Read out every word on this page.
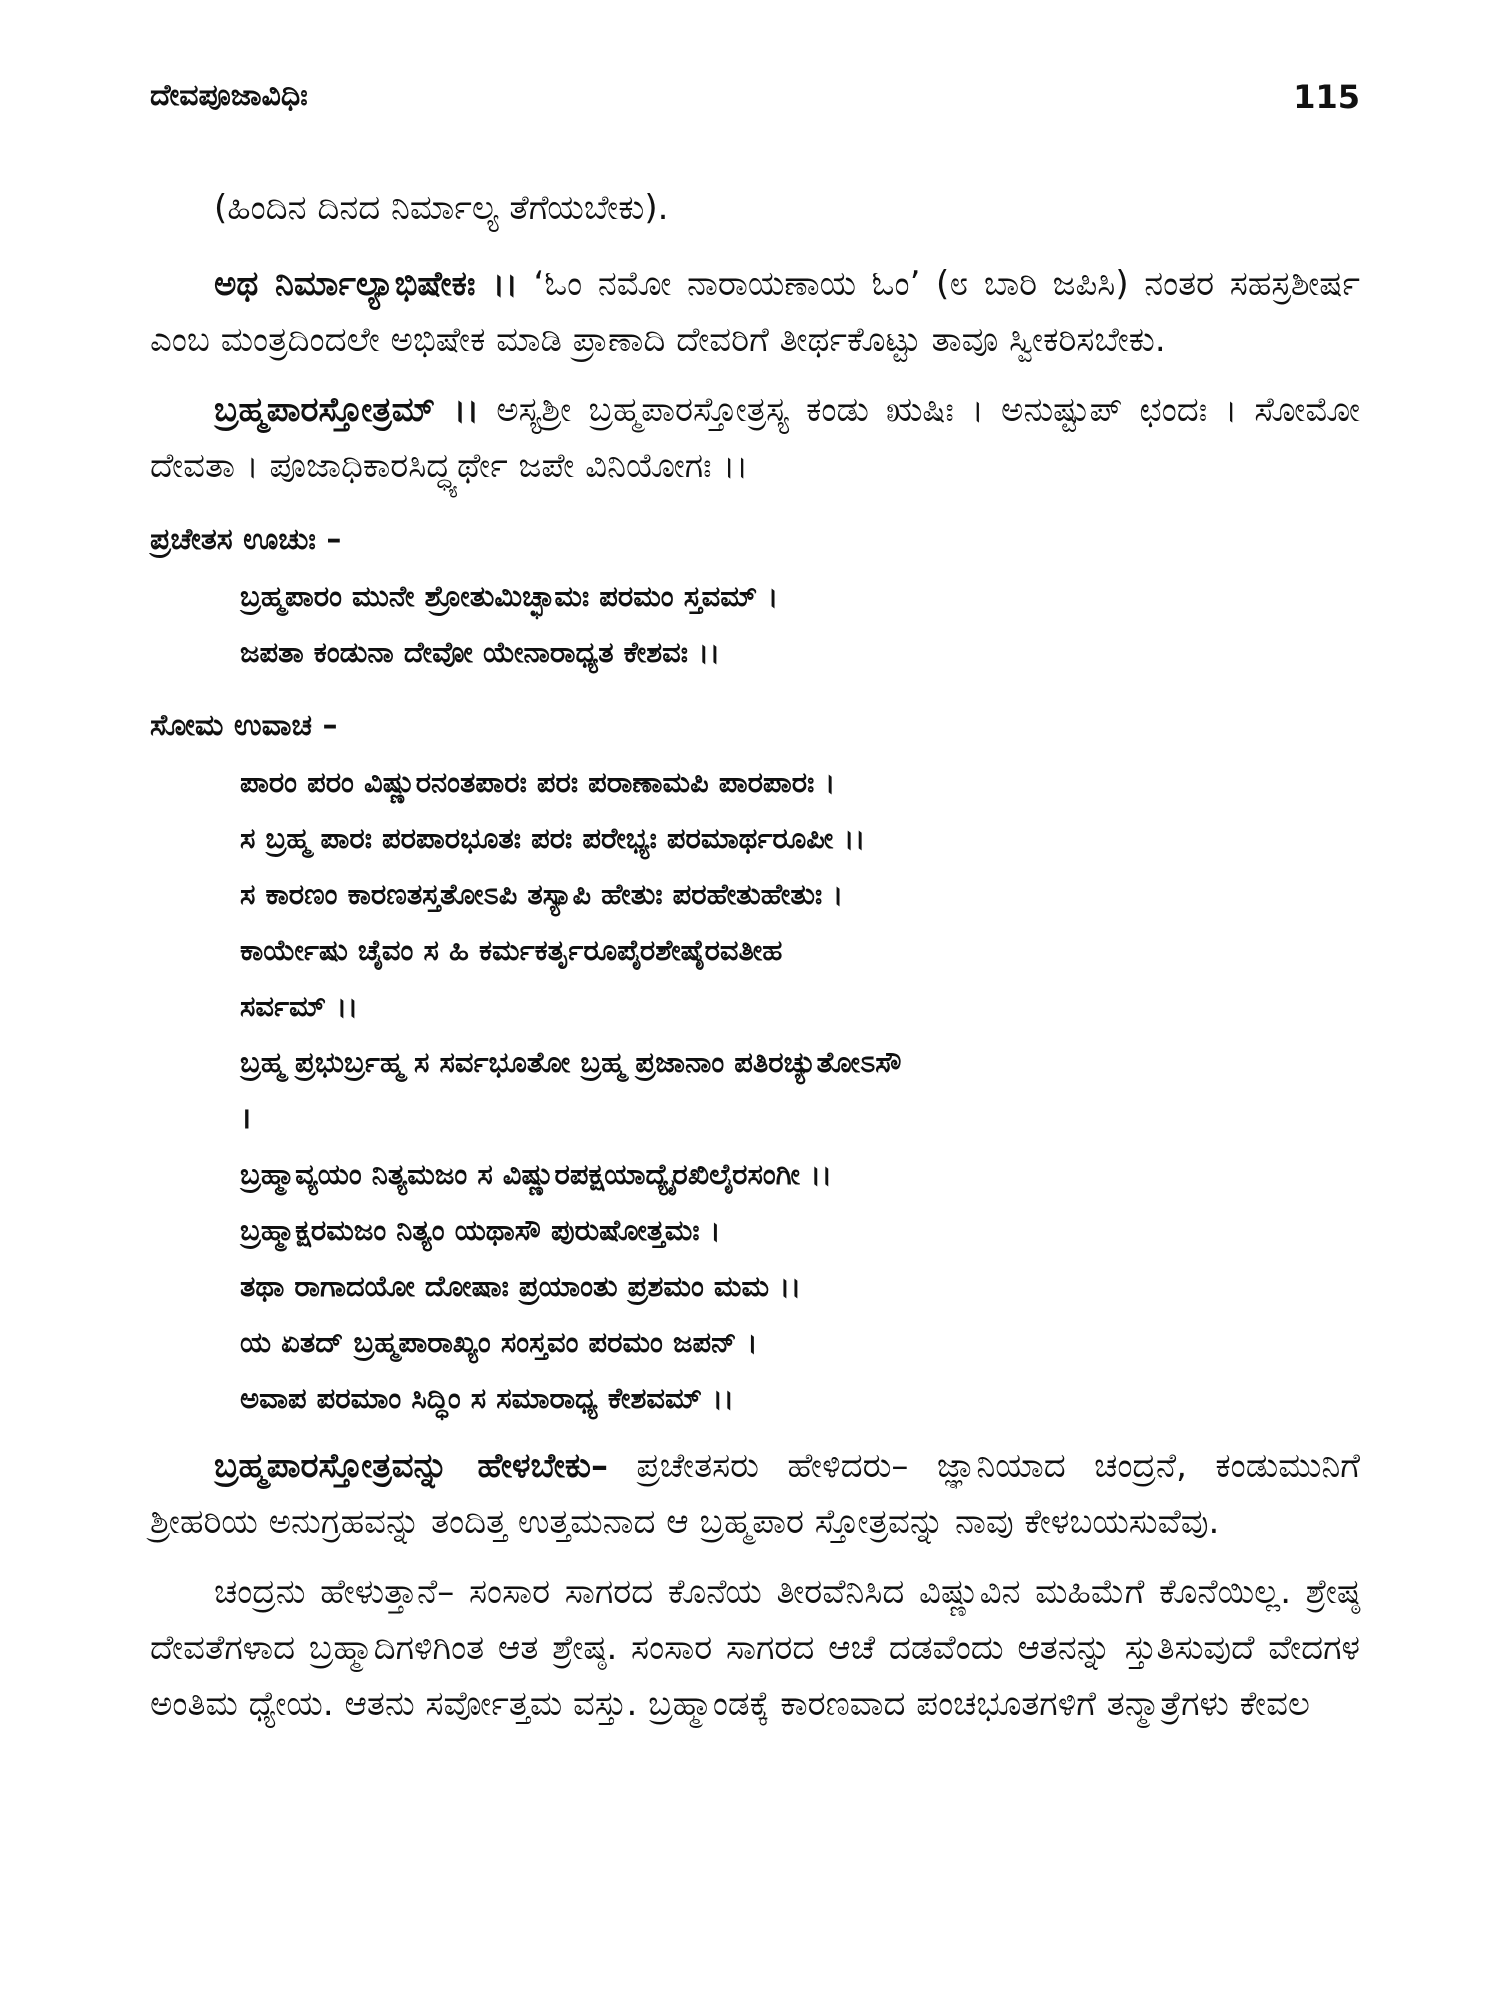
ದೇವಪೂಜಾವಿಧಿಃ	115

(ಹಿಂದಿನ ದಿನದ ನಿರ್ಮಾಲ್ಯ ತೆಗೆಯಬೇಕು).

ಅಥ ನಿರ್ಮಾಲ್ಯಾಭಿಷೇಕಃ ।। ‘ಓಂ ನಮೋ ನಾರಾಯಣಾಯ ಓಂ’ (೮ ಬಾರಿ ಜಪಿಸಿ) ನಂತರ ಸಹಸ್ರಶೀರ್ಷ ಎಂಬ ಮಂತ್ರದಿಂದಲೇ ಅಭಿಷೇಕ ಮಾಡಿ ಪ್ರಾಣಾದಿ ದೇವರಿಗೆ ತೀರ್ಥಕೊಟ್ಟು ತಾವೂ ಸ್ವೀಕರಿಸಬೇಕು.

ಬ್ರಹ್ಮಪಾರಸ್ತೋತ್ರಮ್ ।। ಅಸ್ಯಶ್ರೀ ಬ್ರಹ್ಮಪಾರಸ್ತೋತ್ರಸ್ಯ ಕಂಡು ಋಷಿಃ । ಅನುಷ್ಟುಪ್ ಛಂದಃ । ಸೋಮೋ ದೇವತಾ । ಪೂಜಾಧಿಕಾರಸಿದ್ಧ್ಯರ್ಥೇ ಜಪೇ ವಿನಿಯೋಗಃ ।।

ಪ್ರಚೇತಸ ಊಚುಃ –
ಬ್ರಹ್ಮಪಾರಂ ಮುನೇ ಶ್ರೋತುಮಿಚ್ಛಾಮಃ ಪರಮಂ ಸ್ತವಮ್ ।
ಜಪತಾ ಕಂಡುನಾ ದೇವೋ ಯೇನಾರಾಧ್ಯತ ಕೇಶವಃ ।।
ಸೋಮ ಉವಾಚ –
ಪಾರಂ ಪರಂ ವಿಷ್ಣುರನಂತಪಾರಃ ಪರಃ ಪರಾಣಾಮಪಿ ಪಾರಪಾರಃ ।
ಸ ಬ್ರಹ್ಮ ಪಾರಃ ಪರಪಾರಭೂತಃ ಪರಃ ಪರೇಭ್ಯಃ ಪರಮಾರ್ಥರೂಪೀ ।।
ಸ ಕಾರಣಂ ಕಾರಣತಸ್ತತೋಽಪಿ ತಸ್ಯಾಪಿ ಹೇತುಃ ಪರಹೇತುಹೇತುಃ ।
ಕಾರ್ಯೇಷು ಚೈವಂ ಸ ಹಿ ಕರ್ಮಕರ್ತೃರೂಪೈರಶೇಷೈರವತೀಹ
ಸರ್ವಮ್ ।।
ಬ್ರಹ್ಮ ಪ್ರಭುರ್ಬ್ರಹ್ಮ ಸ ಸರ್ವಭೂತೋ ಬ್ರಹ್ಮ ಪ್ರಜಾನಾಂ ಪತಿರಚ್ಯುತೋಽಸೌ
।
ಬ್ರಹ್ಮಾವ್ಯಯಂ ನಿತ್ಯಮಜಂ ಸ ವಿಷ್ಣುರಪಕ್ಷಯಾದ್ಯೈರಖಿಲೈರಸಂಗೀ ।।
ಬ್ರಹ್ಮಾಕ್ಷರಮಜಂ ನಿತ್ಯಂ ಯಥಾಸೌ ಪುರುಷೋತ್ತಮಃ ।
ತಥಾ ರಾಗಾದಯೋ ದೋಷಾಃ ಪ್ರಯಾಂತು ಪ್ರಶಮಂ ಮಮ ।।
ಯ ಏತದ್ ಬ್ರಹ್ಮಪಾರಾಖ್ಯಂ ಸಂಸ್ತವಂ ಪರಮಂ ಜಪನ್ ।
ಅವಾಪ ಪರಮಾಂ ಸಿದ್ಧಿಂ ಸ ಸಮಾರಾಧ್ಯ ಕೇಶವಮ್ ।।

ಬ್ರಹ್ಮಪಾರಸ್ತೋತ್ರವನ್ನು ಹೇಳಬೇಕು– ಪ್ರಚೇತಸರು ಹೇಳಿದರು– ಜ್ಞಾನಿಯಾದ ಚಂದ್ರನೆ, ಕಂಡುಮುನಿಗೆ ಶ್ರೀಹರಿಯ ಅನುಗ್ರಹವನ್ನು ತಂದಿತ್ತ ಉತ್ತಮನಾದ ಆ ಬ್ರಹ್ಮಪಾರ ಸ್ತೋತ್ರವನ್ನು ನಾವು ಕೇಳಬಯಸುವೆವು.

ಚಂದ್ರನು ಹೇಳುತ್ತಾನೆ– ಸಂಸಾರ ಸಾಗರದ ಕೊನೆಯ ತೀರವೆನಿಸಿದ ವಿಷ್ಣುವಿನ ಮಹಿಮೆಗೆ ಕೊನೆಯಿಲ್ಲ. ಶ್ರೇಷ್ಠ ದೇವತೆಗಳಾದ ಬ್ರಹ್ಮಾದಿಗಳಿಗಿಂತ ಆತ ಶ್ರೇಷ್ಠ. ಸಂಸಾರ ಸಾಗರದ ಆಚೆ ದಡವೆಂದು ಆತನನ್ನು ಸ್ತುತಿಸುವುದೆ ವೇದಗಳ ಅಂತಿಮ ಧ್ಯೇಯ. ಆತನು ಸರ್ವೋತ್ತಮ ವಸ್ತು. ಬ್ರಹ್ಮಾಂಡಕ್ಕೆ ಕಾರಣವಾದ ಪಂಚಭೂತಗಳಿಗೆ ತನ್ಮಾತ್ರೆಗಳು ಕೇವಲ
